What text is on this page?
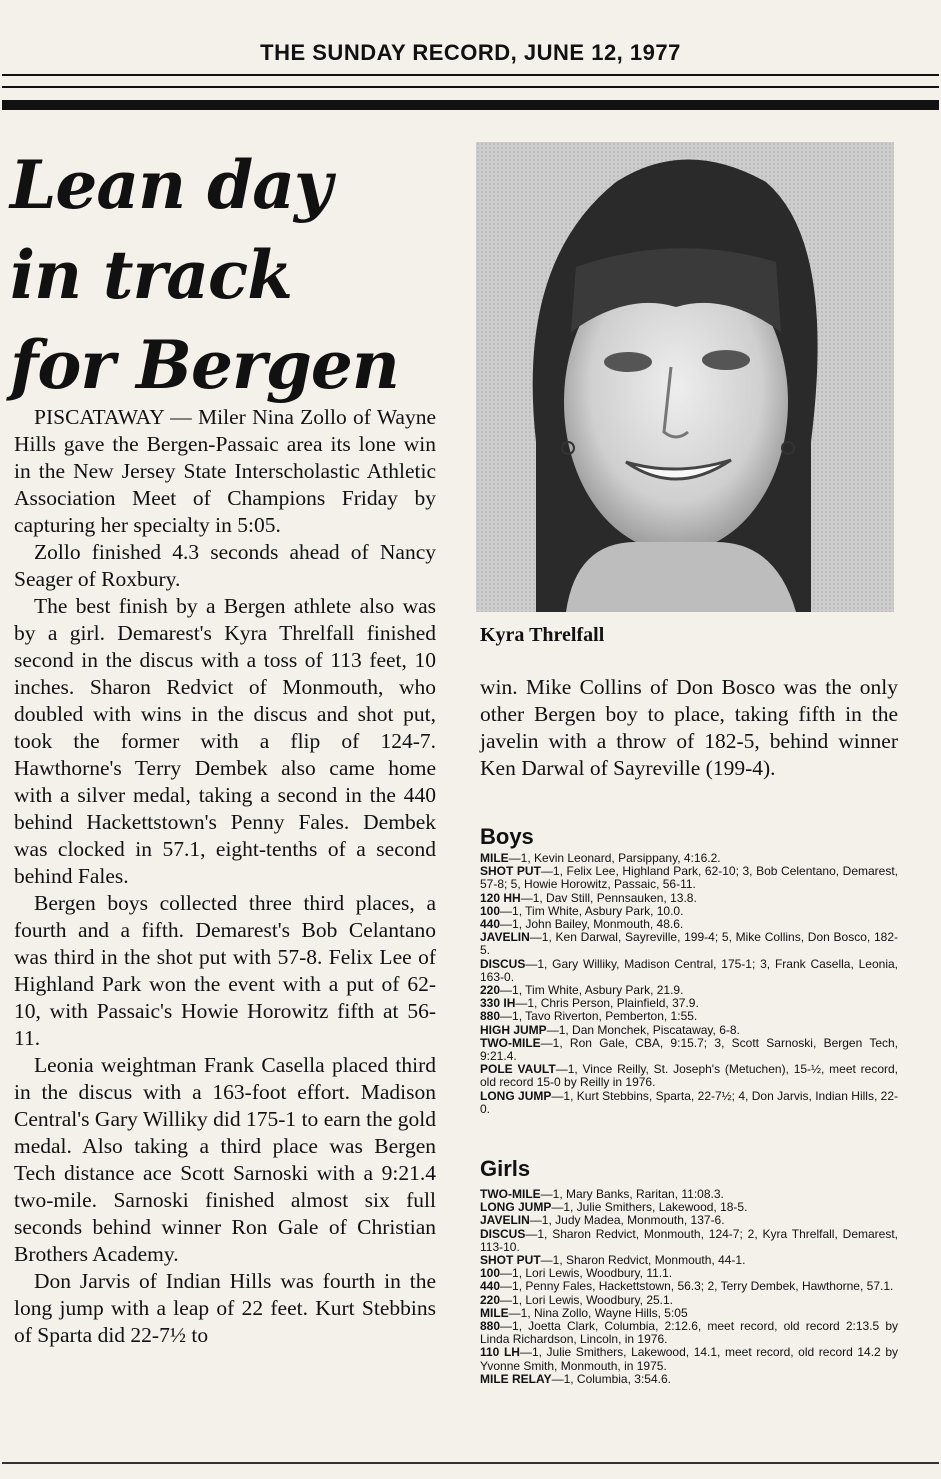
THE SUNDAY RECORD, JUNE 12, 1977
Lean day
in track
for Bergen

PISCATAWAY — Miler Nina Zollo of Wayne Hills gave the Bergen-Passaic area its lone win in the New Jersey State Interscholastic Athletic Association Meet of Champions Friday by capturing her specialty in 5:05.

Zollo finished 4.3 seconds ahead of Nancy Seager of Roxbury.

The best finish by a Bergen athlete also was by a girl. Demarest's Kyra Threlfall finished second in the discus with a toss of 113 feet, 10 inches. Sharon Redvict of Monmouth, who doubled with wins in the discus and shot put, took the former with a flip of 124-7. Hawthorne's Terry Dembek also came home with a silver medal, taking a second in the 440 behind Hackettstown's Penny Fales. Dembek was clocked in 57.1, eight-tenths of a second behind Fales.

Bergen boys collected three third places, a fourth and a fifth. Demarest's Bob Celantano was third in the shot put with 57-8. Felix Lee of Highland Park won the event with a put of 62-10, with Passaic's Howie Horowitz fifth at 56-11.

Leonia weightman Frank Casella placed third in the discus with a 163-foot effort. Madison Central's Gary Williky did 175-1 to earn the gold medal. Also taking a third place was Bergen Tech distance ace Scott Sarnoski with a 9:21.4 two-mile. Sarnoski finished almost six full seconds behind winner Ron Gale of Christian Brothers Academy.

Don Jarvis of Indian Hills was fourth in the long jump with a leap of 22 feet. Kurt Stebbins of Sparta did 22-7½ to

Kyra Threlfall

win. Mike Collins of Don Bosco was the only other Bergen boy to place, taking fifth in the javelin with a throw of 182-5, behind winner Ken Darwal of Sayreville (199-4).

Boys

MILE—1, Kevin Leonard, Parsippany, 4:16.2.

SHOT PUT—1, Felix Lee, Highland Park, 62-10; 3, Bob Celentano, Demarest, 57-8; 5, Howie Horowitz, Passaic, 56-11.

120 HH—1, Dav Still, Pennsauken, 13.8.

100—1, Tim White, Asbury Park, 10.0.

440—1, John Bailey, Monmouth, 48.6.

JAVELIN—1, Ken Darwal, Sayreville, 199-4; 5, Mike Collins, Don Bosco, 182-5.

DISCUS—1, Gary Williky, Madison Central, 175-1; 3, Frank Casella, Leonia, 163-0.

220—1, Tim White, Asbury Park, 21.9.

330 IH—1, Chris Person, Plainfield, 37.9.

880—1, Tavo Riverton, Pemberton, 1:55.

HIGH JUMP—1, Dan Monchek, Piscataway, 6-8.

TWO-MILE—1, Ron Gale, CBA, 9:15.7; 3, Scott Sarnoski, Bergen Tech, 9:21.4.

POLE VAULT—1, Vince Reilly, St. Joseph's (Metuchen), 15-½, meet record, old record 15-0 by Reilly in 1976.

LONG JUMP—1, Kurt Stebbins, Sparta, 22-7½; 4, Don Jarvis, Indian Hills, 22-0.

Girls

TWO-MILE—1, Mary Banks, Raritan, 11:08.3.

LONG JUMP—1, Julie Smithers, Lakewood, 18-5.

JAVELIN—1, Judy Madea, Monmouth, 137-6.

DISCUS—1, Sharon Redvict, Monmouth, 124-7; 2, Kyra Threlfall, Demarest, 113-10.

SHOT PUT—1, Sharon Redvict, Monmouth, 44-1.

100—1, Lori Lewis, Woodbury, 11.1.

440—1, Penny Fales, Hackettstown, 56.3; 2, Terry Dembek, Hawthorne, 57.1.

220—1, Lori Lewis, Woodbury, 25.1.

MILE—1, Nina Zollo, Wayne Hills, 5:05

880—1, Joetta Clark, Columbia, 2:12.6, meet record, old record 2:13.5 by Linda Richardson, Lincoln, in 1976.

110 LH—1, Julie Smithers, Lakewood, 14.1, meet record, old record 14.2 by Yvonne Smith, Monmouth, in 1975.

MILE RELAY—1, Columbia, 3:54.6.
